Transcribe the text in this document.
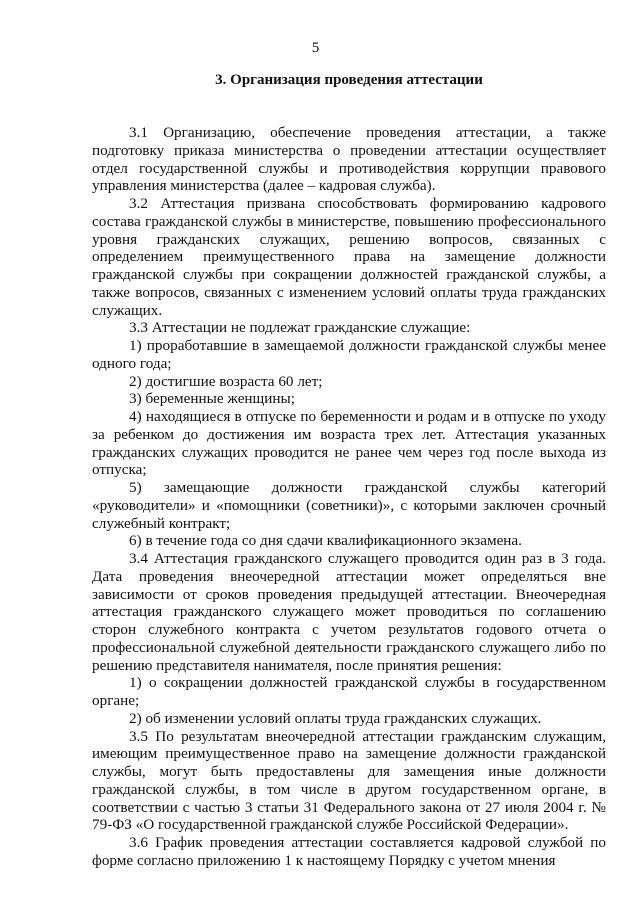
5
3. Организация проведения аттестации

3.1 Организацию, обеспечение проведения аттестации, а также подготовку приказа министерства о проведении аттестации осуществляет отдел государственной службы и противодействия коррупции правового управления министерства (далее – кадровая служба).

3.2 Аттестация призвана способствовать формированию кадрового состава гражданской службы в министерстве, повышению профессионального уровня гражданских служащих, решению вопросов, связанных с определением преимущественного права на замещение должности гражданской службы при сокращении должностей гражданской службы, а также вопросов, связанных с изменением условий оплаты труда гражданских служащих.

3.3 Аттестации не подлежат гражданские служащие:

1) проработавшие в замещаемой должности гражданской службы менее одного года;

2) достигшие возраста 60 лет;

3) беременные женщины;

4) находящиеся в отпуске по беременности и родам и в отпуске по уходу за ребенком до достижения им возраста трех лет. Аттестация указанных гражданских служащих проводится не ранее чем через год после выхода из отпуска;

5) замещающие должности гражданской службы категорий «руководители» и «помощники (советники)», с которыми заключен срочный служебный контракт;

6) в течение года со дня сдачи квалификационного экзамена.

3.4 Аттестация гражданского служащего проводится один раз в 3 года. Дата проведения внеочередной аттестации может определяться вне зависимости от сроков проведения предыдущей аттестации. Внеочередная аттестация гражданского служащего может проводиться по соглашению сторон служебного контракта с учетом результатов годового отчета о профессиональной служебной деятельности гражданского служащего либо по решению представителя нанимателя, после принятия решения:

1) о сокращении должностей гражданской службы в государственном органе;

2) об изменении условий оплаты труда гражданских служащих.

3.5 По результатам внеочередной аттестации гражданским служащим, имеющим преимущественное право на замещение должности гражданской службы, могут быть предоставлены для замещения иные должности гражданской службы, в том числе в другом государственном органе, в соответствии с частью 3 статьи 31 Федерального закона от 27 июля 2004 г. № 79-ФЗ «О государственной гражданской службе Российской Федерации».

3.6 График проведения аттестации составляется кадровой службой по форме согласно приложению 1 к настоящему Порядку с учетом мнения
